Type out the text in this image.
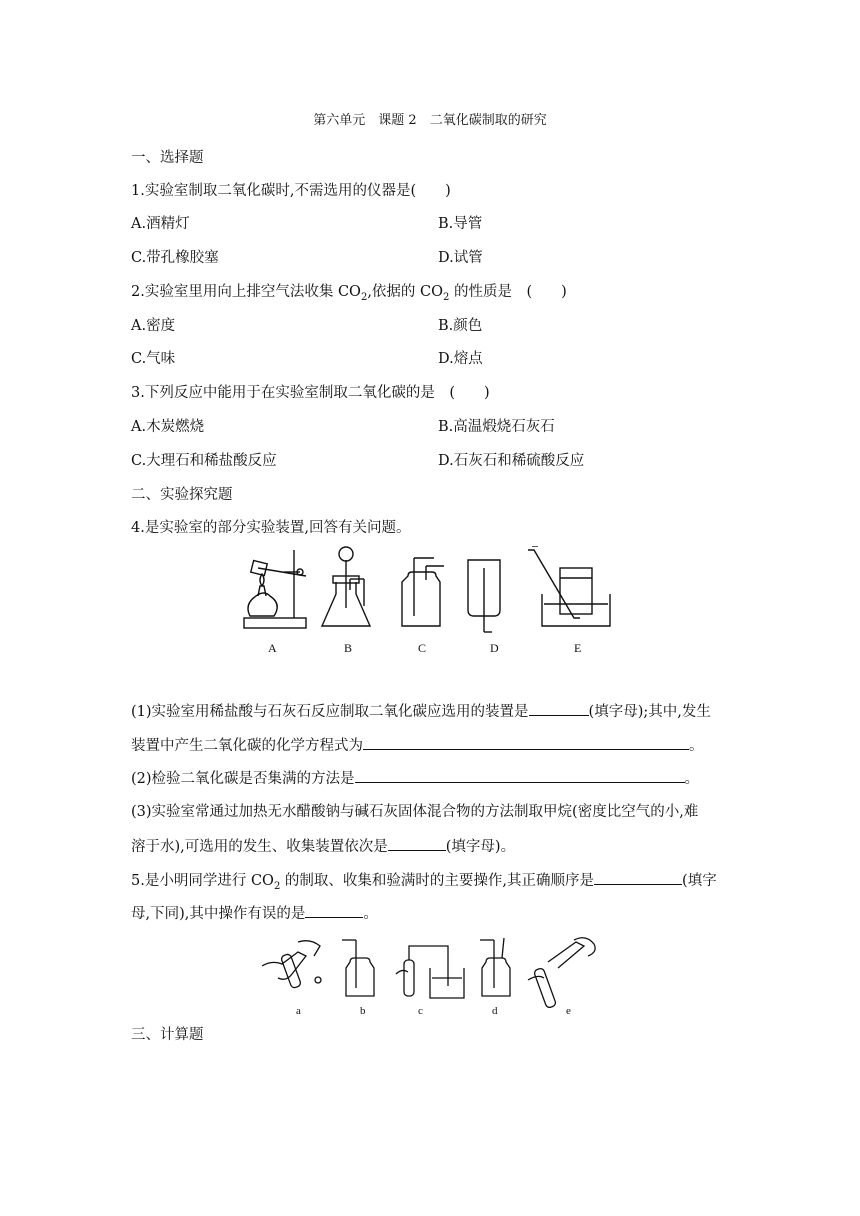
第六单元　课题 2　二氧化碳制取的研究
一、选择题
1.实验室制取二氧化碳时,不需选用的仪器是(　　)
A.酒精灯	B.导管
C.带孔橡胶塞	D.试管
2.实验室里用向上排空气法收集 $CO_2$,依据的 $CO_2$ 的性质是　(　　)
A.密度	B.颜色
C.气味	D.熔点
3.下列反应中能用于在实验室制取二氧化碳的是　(　　)
A.木炭燃烧	B.高温煅烧石灰石
C.大理石和稀盐酸反应	D.石灰石和稀硫酸反应
二、实验探究题
4.是实验室的部分实验装置,回答有关问题。
A	B	C	D	E
(1)实验室用稀盐酸与石灰石反应制取二氧化碳应选用的装置是	(填字母);其中,发生
装置中产生二氧化碳的化学方程式为	。
(2)检验二氧化碳是否集满的方法是	。
(3)实验室常通过加热无水醋酸钠与碱石灰固体混合物的方法制取甲烷(密度比空气的小,难
溶于水),可选用的发生、收集装置依次是	(填字母)。
5.是小明同学进行 $CO_2$ 的制取、收集和验满时的主要操作,其正确顺序是	(填字
母,下同),其中操作有误的是	。
a	b	c	d	e
三、计算题
